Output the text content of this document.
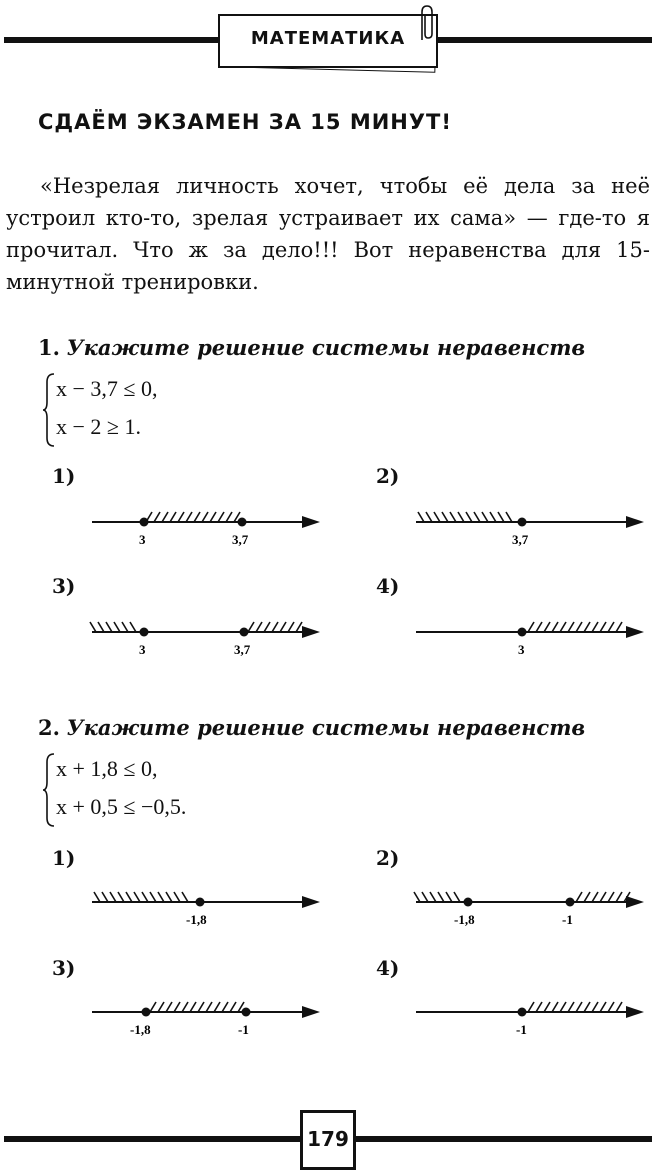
МАТЕМАТИКА
СДАЁМ ЭКЗАМЕН ЗА 15 МИНУТ!
«Незрелая личность хочет, чтобы её дела за неё устроил кто-то, зрелая устраивает их сама» — где-то я прочитал. Что ж за дело!!! Вот неравенства для 15-минутной тренировки.
1. Укажите решение системы неравенств
x − 3,7 ≤ 0,
x − 2 ≥ 1.
1)	2)
3)	4)
3	3,7	3,7
3	3,7	3
2. Укажите решение системы неравенств
x + 1,8 ≤ 0,
x + 0,5 ≤ −0,5.
1)	2)
3)	4)
-1,8	-1,8	-1
-1,8	-1	-1
179
